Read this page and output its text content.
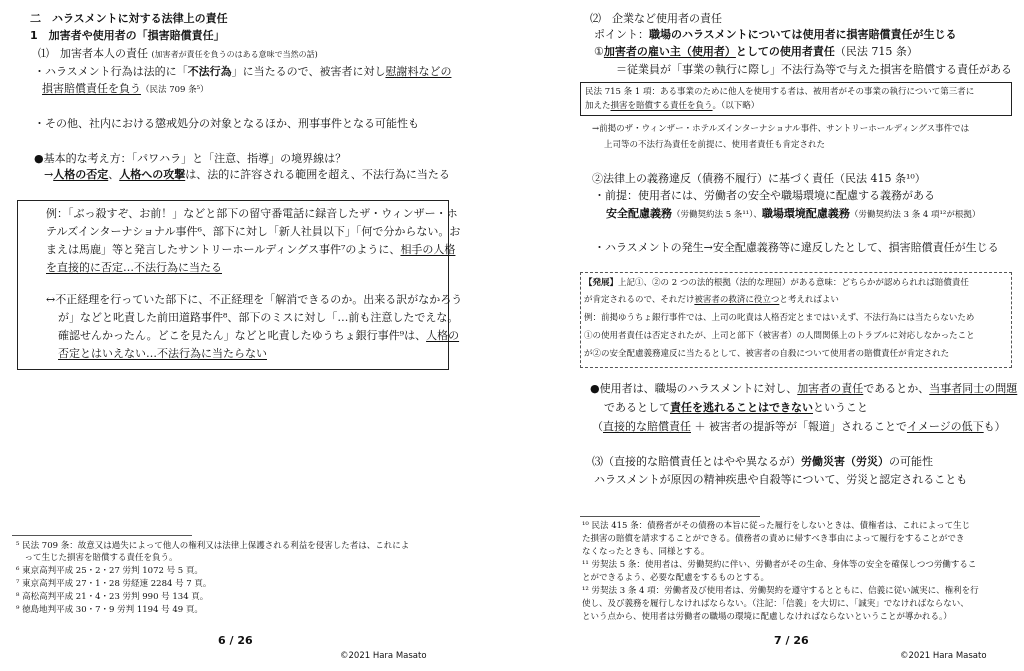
二　ハラスメントに対する法律上の責任
1　加害者や使用者の「損害賠償責任」
⑴　加害者本人の責任 (加害者が責任を負うのはある意味で当然の話)
・ハラスメント行為は法的に「不法行為」に当たるので、被害者に対し慰謝料などの
損害賠償責任を負う（民法 709 条⁵）
・その他、社内における懲戒処分の対象となるほか、刑事事件となる可能性も
●基本的な考え方：「パワハラ」と「注意、指導」の境界線は？
→人格の否定、人格への攻撃は、法的に許容される範囲を超え、不法行為に当たる
例：「ぶっ殺すぞ、お前！」などと部下の留守番電話に録音したザ・ウィンザー・ホ
テルズインターナショナル事件⁶、部下に対し「新人社員以下」「何で分からない。お
まえは馬鹿」等と発言したサントリーホールディングス事件⁷のように、相手の人格
を直接的に否定…不法行為に当たる
↔不正経理を行っていた部下に、不正経理を「解消できるのか。出来る訳がなかろう
が」などと叱責した前田道路事件⁸、部下のミスに対し「…前も注意したでえな。
確認せんかったん。どこを見たん」などと叱責したゆうちょ銀行事件⁹は、人格の
否定とはいえない…不法行為に当たらない
⁵ 民法 709 条：故意又は過失によって他人の権利又は法律上保護される利益を侵害した者は、これによ
　って生じた損害を賠償する責任を負う。
⁶ 東京高判平成 25・2・27 労判 1072 号 5 頁。
⁷ 東京高判平成 27・1・28 労経速 2284 号 7 頁。
⁸ 高松高判平成 21・4・23 労判 990 号 134 頁。
⁹ 徳島地判平成 30・7・9 労判 1194 号 49 頁。
6 / 26
©2021 Hara Masato
⑵　企業など使用者の責任
ポイント：職場のハラスメントについては使用者に損害賠償責任が生じる
①加害者の雇い主（使用者）としての使用者責任（民法 715 条）
＝従業員が「事業の執行に際し」不法行為等で与えた損害を賠償する責任がある
民法 715 条 1 項：ある事業のために他人を使用する者は、被用者がその事業の執行について第三者に
加えた損害を賠償する責任を負う。（以下略）
→前掲のザ・ウィンザー・ホテルズインターナショナル事件、サントリーホールディングス事件では
上司等の不法行為責任を前提に、使用者責任も肯定された
②法律上の義務違反（債務不履行）に基づく責任（民法 415 条¹⁰）
・前提：使用者には、労働者の安全や職場環境に配慮する義務がある
安全配慮義務（労働契約法 5 条¹¹）、職場環境配慮義務（労働契約法 3 条 4 項¹²が根拠）
・ハラスメントの発生→安全配慮義務等に違反したとして、損害賠償責任が生じる
【発展】上記①、②の 2 つの法的根拠（法的な理屈）がある意味：どちらかが認められれば賠償責任
が肯定されるので、それだけ被害者の救済に役立つと考えればよい
例：前掲ゆうちょ銀行事件では、上司の叱責は人格否定とまではいえず、不法行為には当たらないため
①の使用者責任は否定されたが、上司と部下（被害者）の人間関係上のトラブルに対応しなかったこと
が②の安全配慮義務違反に当たるとして、被害者の自殺について使用者の賠償責任が肯定された
●使用者は、職場のハラスメントに対し、加害者の責任であるとか、当事者同士の問題
であるとして責任を逃れることはできないということ
（直接的な賠償責任 ＋ 被害者の提訴等が「報道」されることでイメージの低下も）
⑶（直接的な賠償責任とはやや異なるが）労働災害（労災）の可能性
ハラスメントが原因の精神疾患や自殺等について、労災と認定されることも
¹⁰ 民法 415 条：債務者がその債務の本旨に従った履行をしないときは、債権者は、これによって生じ
た損害の賠償を請求することができる。債務者の責めに帰すべき事由によって履行をすることができ
なくなったときも、同様とする。
¹¹ 労契法 5 条：使用者は、労働契約に伴い、労働者がその生命、身体等の安全を確保しつつ労働するこ
とができるよう、必要な配慮をするものとする。
¹² 労契法 3 条 4 項：労働者及び使用者は、労働契約を遵守するとともに、信義に従い誠実に、権利を行
使し、及び義務を履行しなければならない。（注記：「信義」を大切に、「誠実」でなければならない、
という点から、使用者は労働者の職場の環境に配慮しなければならないということが導かれる。）
7 / 26
©2021 Hara Masato
